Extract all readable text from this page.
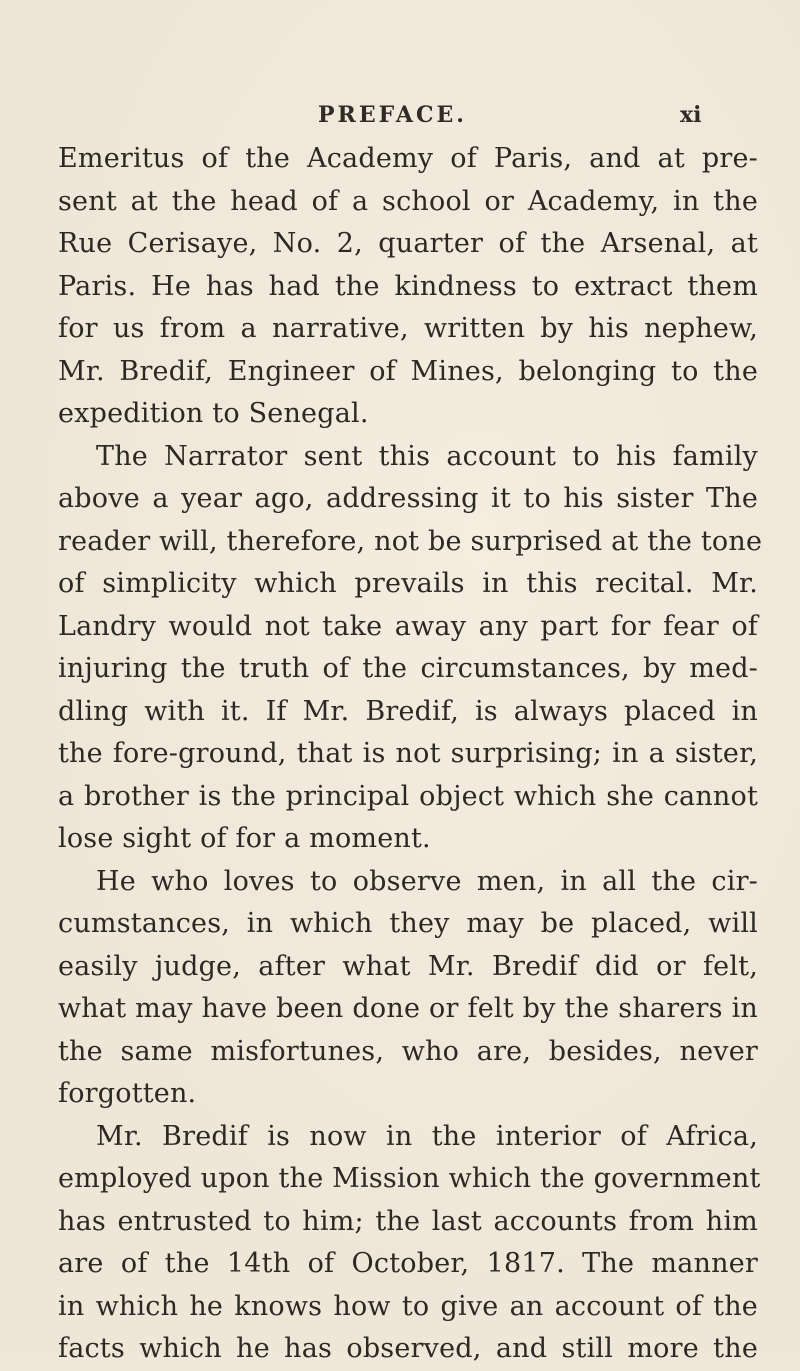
PREFACE.	xi
Emeritus of the Academy of Paris, and at pre-
sent at the head of a school or Academy, in the
Rue Cerisaye, No. 2, quarter of the Arsenal, at
Paris. He has had the kindness to extract them
for us from a narrative, written by his nephew,
Mr. Bredif, Engineer of Mines, belonging to the
expedition to Senegal.
The Narrator sent this account to his family
above a year ago, addressing it to his sister The
reader will, therefore, not be surprised at the tone
of simplicity which prevails in this recital. Mr.
Landry would not take away any part for fear of
injuring the truth of the circumstances, by med-
dling with it. If Mr. Bredif, is always placed in
the fore-ground, that is not surprising; in a sister,
a brother is the principal object which she cannot
lose sight of for a moment.
He who loves to observe men, in all the cir-
cumstances, in which they may be placed, will
easily judge, after what Mr. Bredif did or felt,
what may have been done or felt by the sharers in
the same misfortunes, who are, besides, never
forgotten.
Mr. Bredif is now in the interior of Africa,
employed upon the Mission which the government
has entrusted to him; the last accounts from him
are of the 14th of October, 1817. The manner
in which he knows how to give an account of the
facts which he has observed, and still more the
